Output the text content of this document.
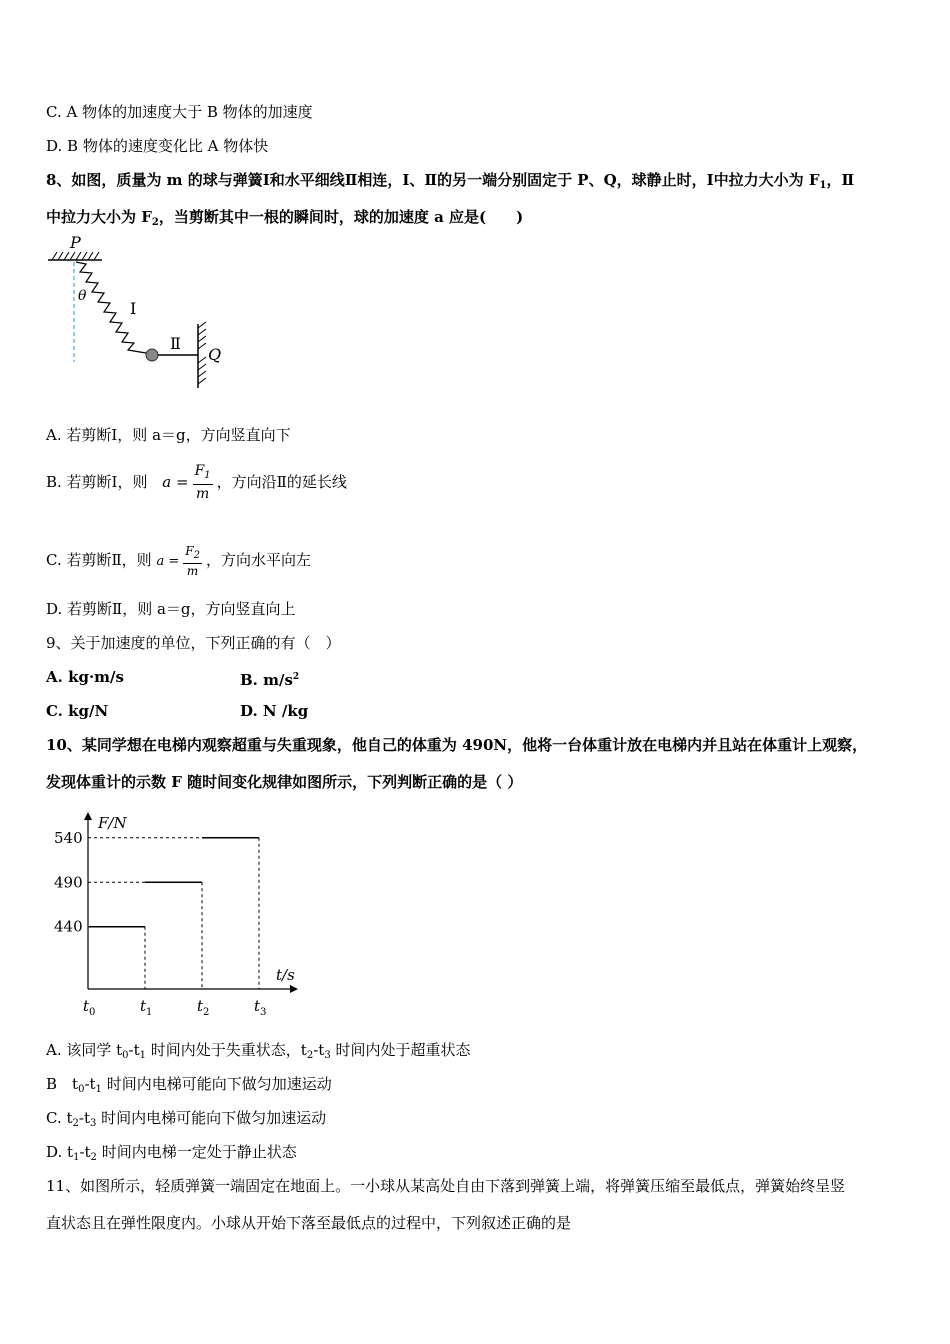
C. A 物体的加速度大于 B 物体的加速度
D. B 物体的速度变化比 A 物体快
8、如图，质量为 m 的球与弹簧Ⅰ和水平细线Ⅱ相连，Ⅰ、Ⅱ的另一端分别固定于 P、Q，球静止时，Ⅰ中拉力大小为 $F_1$，Ⅱ
中拉力大小为 $F_2$，当剪断其中一根的瞬间时，球的加速度 a 应是(　　)
P
θ
Ⅰ
Ⅱ
Q
A. 若剪断Ⅰ，则 a＝g，方向竖直向下
B. 若剪断Ⅰ，则 $a = \frac{F_1}{m}$ ，方向沿Ⅱ的延长线
C. 若剪断Ⅱ，则 $a = \frac{F_2}{m}$ ，方向水平向左
D. 若剪断Ⅱ，则 a＝g，方向竖直向上
9、关于加速度的单位，下列正确的有（　）
A. kg·m/s	B. $m/s^2$
C. kg/N	D. N /kg
10、某同学想在电梯内观察超重与失重现象，他自己的体重为 490N，他将一台体重计放在电梯内并且站在体重计上观察，
发现体重计的示数 F 随时间变化规律如图所示，下列判断正确的是（ ）
F/N
t/s
440
490
540
$t_0$	$t_1$	$t_2$	$t_3$
A. 该同学 $t_0-t_1$ 时间内处于失重状态，$t_2-t_3$ 时间内处于超重状态
B　$t_0-t_1$ 时间内电梯可能向下做匀加速运动
C. $t_2-t_3$ 时间内电梯可能向下做匀加速运动
D. $t_1-t_2$ 时间内电梯一定处于静止状态
11、如图所示，轻质弹簧一端固定在地面上。一小球从某高处自由下落到弹簧上端，将弹簧压缩至最低点，弹簧始终呈竖
直状态且在弹性限度内。小球从开始下落至最低点的过程中，下列叙述正确的是
